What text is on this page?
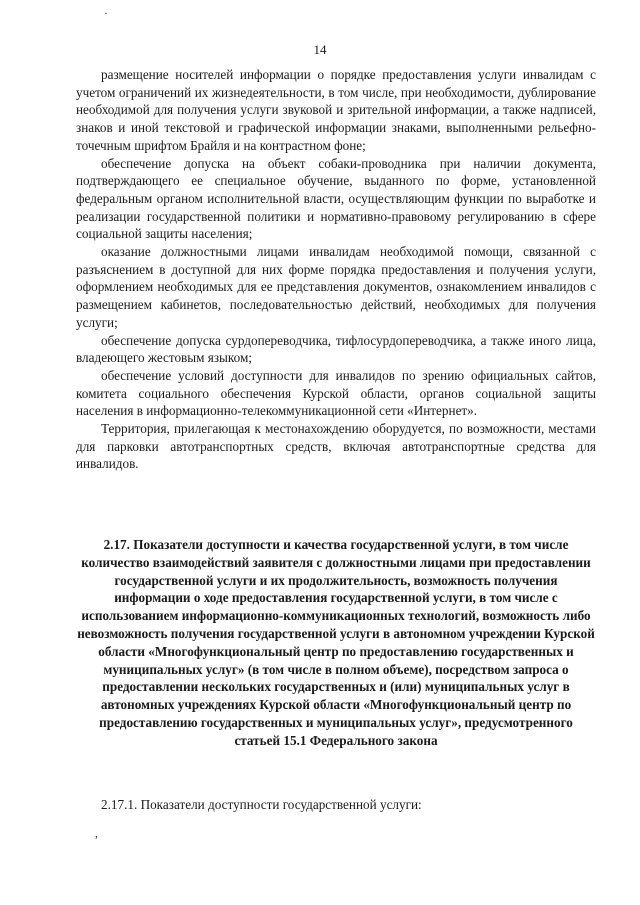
·
14

размещение носителей информации о порядке предоставления услуги инвалидам с учетом ограничений их жизнедеятельности, в том числе, при необходимости, дублирование необходимой для получения услуги звуковой и зрительной информации, а также надписей, знаков и иной текстовой и графической информации знаками, выполненными рельефно-точечным шрифтом Брайля и на контрастном фоне;

обеспечение допуска на объект собаки-проводника при наличии документа, подтверждающего ее специальное обучение, выданного по форме, установленной федеральным органом исполнительной власти, осуществляющим функции по выработке и реализации государственной политики и нормативно-правовому регулированию в сфере социальной защиты населения;

оказание должностными лицами инвалидам необходимой помощи, связанной с разъяснением в доступной для них форме порядка предоставления и получения услуги, оформлением необходимых для ее представления документов, ознакомлением инвалидов с размещением кабинетов, последовательностью действий, необходимых для получения услуги;

обеспечение допуска сурдопереводчика, тифлосурдопереводчика, а также иного лица, владеющего жестовым языком;

обеспечение условий доступности для инвалидов по зрению официальных сайтов, комитета социального обеспечения Курской области, органов социальной защиты населения в информационно-телекоммуникационной сети «Интернет».

Территория, прилегающая к местонахождению оборудуется, по возможности, местами для парковки автотранспортных средств, включая автотранспортные средства для инвалидов.

2.17. Показатели доступности и качества государственной услуги, в том числе количество взаимодействий заявителя с должностными лицами при предоставлении государственной услуги и их продолжительность, возможность получения информации о ходе предоставления государственной услуги, в том числе с использованием информационно-коммуникационных технологий, возможность либо невозможность получения государственной услуги в автономном учреждении Курской области «Многофункциональный центр по предоставлению государственных и муниципальных услуг» (в том числе в полном объеме), посредством запроса о предоставлении нескольких государственных и (или) муниципальных услуг в автономных учреждениях Курской области «Многофункциональный центр по предоставлению государственных и муниципальных услуг», предусмотренного статьей 15.1 Федерального закона
2.17.1. Показатели доступности государственной услуги:
,
